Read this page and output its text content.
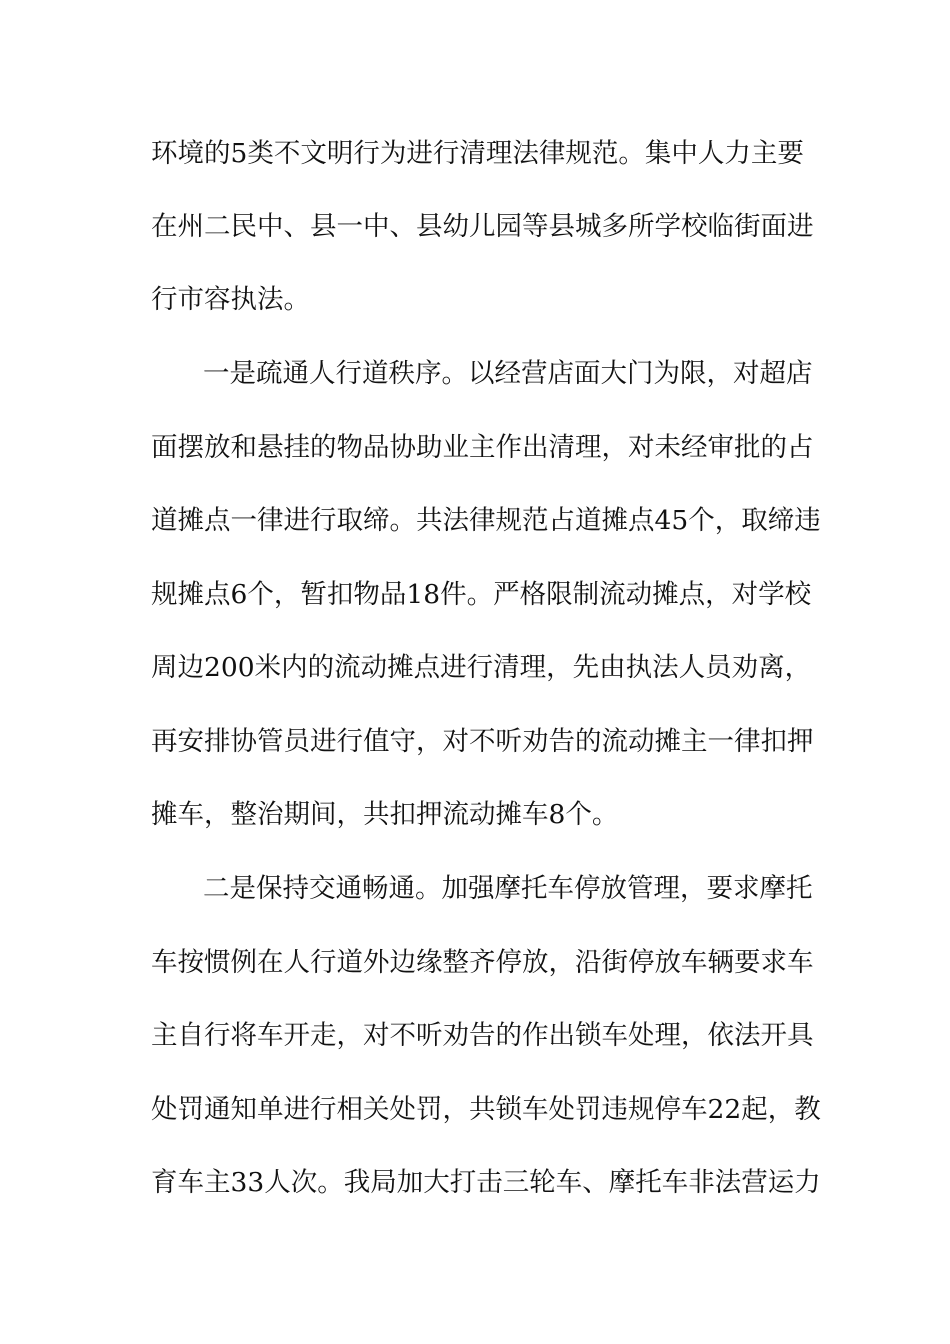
环境的5类不文明行为进行清理法律规范。集中人力主要
在州二民中、县一中、县幼儿园等县城多所学校临街面进
行市容执法。
一是疏通人行道秩序。以经营店面大门为限，对超店
面摆放和悬挂的物品协助业主作出清理，对未经审批的占
道摊点一律进行取缔。共法律规范占道摊点45个，取缔违
规摊点6个，暂扣物品18件。严格限制流动摊点，对学校
周边200米内的流动摊点进行清理，先由执法人员劝离，
再安排协管员进行值守，对不听劝告的流动摊主一律扣押
摊车，整治期间，共扣押流动摊车8个。
二是保持交通畅通。加强摩托车停放管理，要求摩托
车按惯例在人行道外边缘整齐停放，沿街停放车辆要求车
主自行将车开走，对不听劝告的作出锁车处理，依法开具
处罚通知单进行相关处罚，共锁车处罚违规停车22起，教
育车主33人次。我局加大打击三轮车、摩托车非法营运力
